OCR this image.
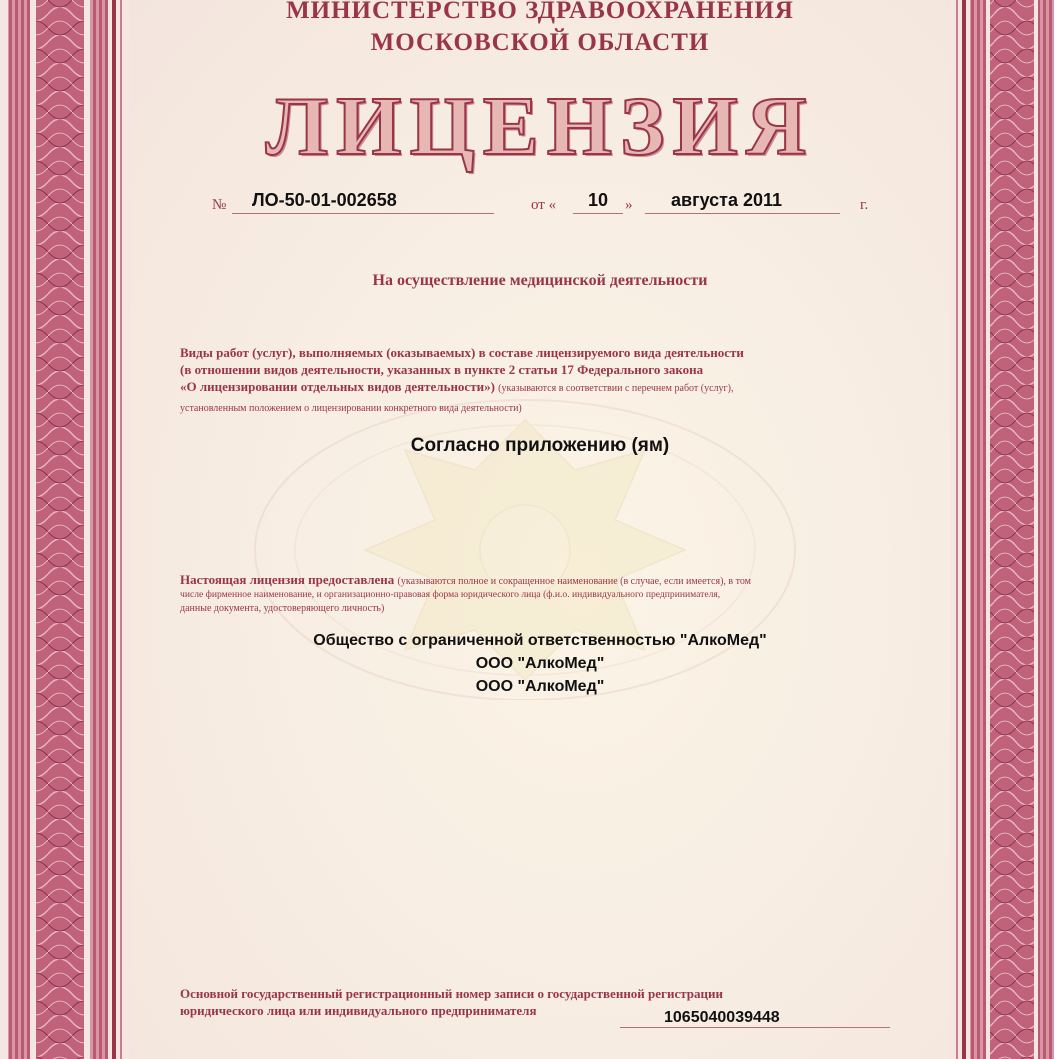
МИНИСТЕРСТВО ЗДРАВООХРАНЕНИЯ
МОСКОВСКОЙ ОБЛАСТИ
ЛИЦЕНЗИЯ
№ ЛО-50-01-002658	от « 10 » августа 2011	г.
На осуществление медицинской деятельности
Виды работ (услуг), выполняемых (оказываемых) в составе лицензируемого вида деятельности
(в отношении видов деятельности, указанных в пункте 2 статьи 17 Федерального закона
«О лицензировании отдельных видов деятельности») (указываются в соответствии с перечнем работ (услуг),
установленным положением о лицензировании конкретного вида деятельности)
Согласно приложению (ям)
Настоящая лицензия предоставлена (указываются полное и сокращенное наименование (в случае, если имеется), в том
числе фирменное наименование, и организационно-правовая форма юридического лица (ф.и.о. индивидуального предпринимателя,
данные документа, удостоверяющего личность)
Общество с ограниченной ответственностью "АлкоМед"
ООО "АлкоМед"
ООО "АлкоМед"
Основной государственный регистрационный номер записи о государственной регистрации
юридического лица или индивидуального предпринимателя	1065040039448
